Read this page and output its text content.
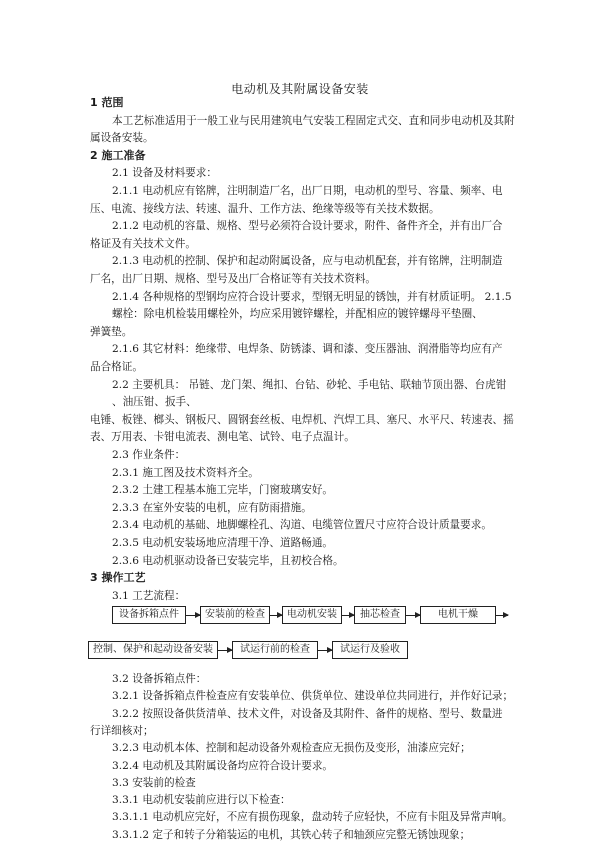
电动机及其附属设备安装
1 范围
本工艺标准适用于一般工业与民用建筑电气安装工程固定式交、直和同步电动机及其附
属设备安装。
2 施工准备
2.1 设备及材料要求：
2.1.1 电动机应有铭牌，注明制造厂名，出厂日期，电动机的型号、容量、频率、电
压、电流、接线方法、转速、温升、工作方法、绝缘等级等有关技术数据。
2.1.2 电动机的容量、规格、型号必须符合设计要求，附件、备件齐全，并有出厂合
格证及有关技术文件。
2.1.3 电动机的控制、保护和起动附属设备，应与电动机配套，并有铭牌，注明制造
厂名，出厂日期、规格、型号及出厂合格证等有关技术资料。
2.1.4 各种规格的型钢均应符合设计要求，型钢无明显的锈蚀，并有材质证明。 2.1.5
螺栓：除电机检装用螺栓外，均应采用镀锌螺栓，并配相应的镀锌螺母平垫圈、
弹簧垫。
2.1.6 其它材料：绝缘带、电焊条、防锈漆、调和漆、变压器油、润滑脂等均应有产
品合格证。
2.2 主要机具： 吊链、龙门架、绳扣、台钻、砂轮、手电钻、联轴节顶出器、台虎钳
、油压钳、扳手、
电锤、板锉、榔头、钢板尺、圆钢套丝板、电焊机、汽焊工具、塞尺、水平尺、转速表、摇
表、万用表、卡钳电流表、测电笔、试铃、电子点温计。
2.3 作业条件：
2.3.1 施工图及技术资料齐全。
2.3.2 土建工程基本施工完毕，门窗玻璃安好。
2.3.3 在室外安装的电机，应有防雨措施。
2.3.4 电动机的基础、地脚螺栓孔、沟道、电缆管位置尺寸应符合设计质量要求。
2.3.5 电动机安装场地应清理干净、道路畅通。
2.3.6 电动机驱动设备已安装完毕，且初校合格。
3 操作工艺
3.1 工艺流程：
设备拆箱点件	安装前的检查	电动机安装	抽芯检查	电机干燥
控制、保护和起动设备安装	试运行前的检查	试运行及验收
3.2 设备拆箱点件：
3.2.1 设备拆箱点件检查应有安装单位、供货单位、建设单位共同进行，并作好记录；
3.2.2 按照设备供货清单、技术文件，对设备及其附件、备件的规格、型号、数量进
行详细核对；
3.2.3 电动机本体、控制和起动设备外观检查应无损伤及变形，油漆应完好；
3.2.4 电动机及其附属设备均应符合设计要求。
3.3 安装前的检查
3.3.1 电动机安装前应进行以下检查：
3.3.1.1 电动机应完好，不应有损伤现象，盘动转子应轻快，不应有卡阻及异常声响。
3.3.1.2 定子和转子分箱装运的电机，其铁心转子和轴颈应完整无锈蚀现象；
